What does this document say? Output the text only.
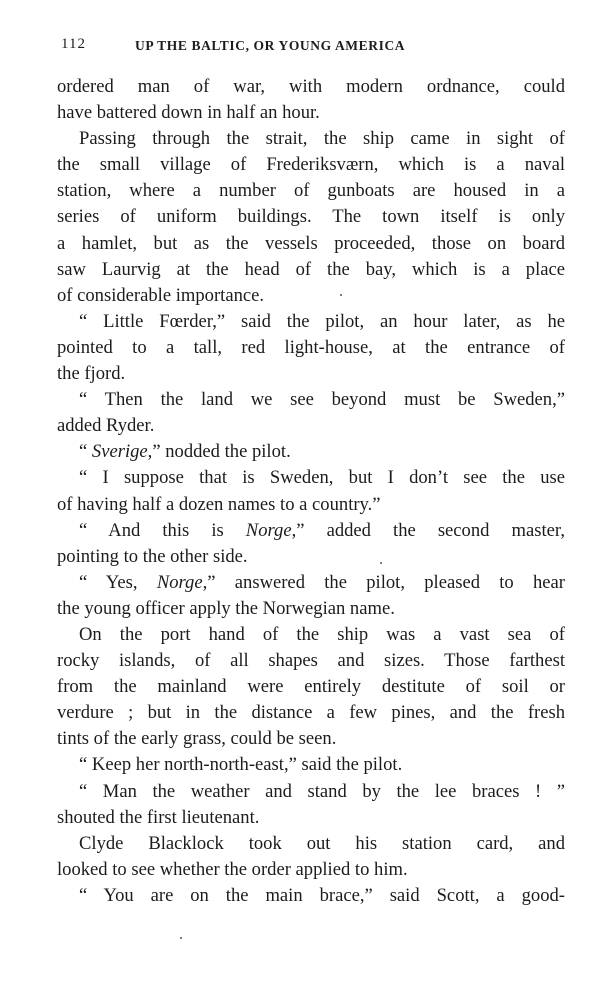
112	UP THE BALTIC, OR YOUNG AMERICA
ordered man of war, with modern ordnance, could
have battered down in half an hour.
Passing through the strait, the ship came in sight of
the small village of Frederiksværn, which is a naval
station, where a number of gunboats are housed in a
series of uniform buildings. The town itself is only
a hamlet, but as the vessels proceeded, those on board
saw Laurvig at the head of the bay, which is a place
of considerable importance.
“ Little Fœrder,” said the pilot, an hour later, as he
pointed to a tall, red light-house, at the entrance of
the fjord.
“ Then the land we see beyond must be Sweden,”
added Ryder.
“ Sverige,” nodded the pilot.
“ I suppose that is Sweden, but I don’t see the use
of having half a dozen names to a country.”
“ And this is Norge,” added the second master,
pointing to the other side.
“ Yes, Norge,” answered the pilot, pleased to hear
the young officer apply the Norwegian name.
On the port hand of the ship was a vast sea of
rocky islands, of all shapes and sizes. Those farthest
from the mainland were entirely destitute of soil or
verdure ; but in the distance a few pines, and the fresh
tints of the early grass, could be seen.
“ Keep her north-north-east,” said the pilot.
“ Man the weather and stand by the lee braces ! ”
shouted the first lieutenant.
Clyde Blacklock took out his station card, and
looked to see whether the order applied to him.
“ You are on the main brace,” said Scott, a good-
